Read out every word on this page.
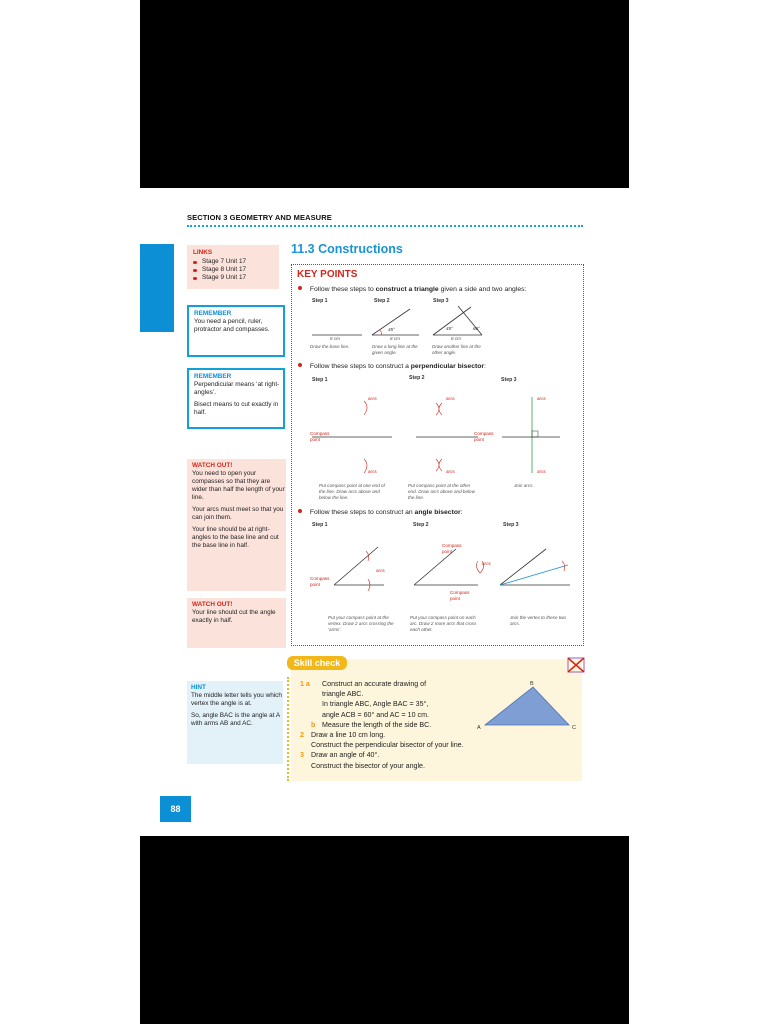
SECTION 3 GEOMETRY AND MEASURE
LINKS
Stage 7 Unit 17
Stage 8 Unit 17
Stage 9 Unit 17
REMEMBER

You need a pencil, ruler, protractor and compasses.

REMEMBER

Perpendicular means ‘at right-angles’.

Bisect means to cut exactly in half.

WATCH OUT!

You need to open your compasses so that they are wider than half the length of your line.

Your arcs must meet so that you can join them.

Your line should be at right-angles to the base line and cut the base line in half.

WATCH OUT!

Your line should cut the angle exactly in half.

HINT

The middle letter tells you which vertex the angle is at.

So, angle BAC is the angle at A with arms AB and AC.

11.3 Constructions
KEY POINTS
Follow these steps to construct a triangle given a side and two angles:
Step 1	Step 2	Step 3
8 cm	8 cm	8 cm
45°	45°	60°
Draw the base line.	Draw a long line at the given angle.
Draw another line at the other angle.
Follow these steps to construct a perpendicular bisector:
Step 1	Step 2	Step 3
arcs
arcs
arcs
arcs
arcs
arcs
Compass point
Compass point
Put compass point at one end of the line. Draw arcs above and below the line.
Put compass point at the other end. Draw arcs above and below the line.
Join arcs.
Follow these steps to construct an angle bisector:
Step 1	Step 2	Step 3
Compass point
Compass point
Compass point
arcs
arcs
Put your compass point at the vertex. Draw 2 arcs crossing the ‘arms’.
Put your compass point on each arc. Draw 2 more arcs that cross each other.
Join the vertex to these two arcs.
Skill check
1 a Construct an accurate drawing of
triangle ABC.
In triangle ABC, Angle BAC = 35°,
angle ACB = 60° and AC = 10 cm.
b Measure the length of the side BC.
2 Draw a line 10 cm long.
Construct the perpendicular bisector of your line.
3 Draw an angle of 40°.
Construct the bisector of your angle.
A
B
C
88
